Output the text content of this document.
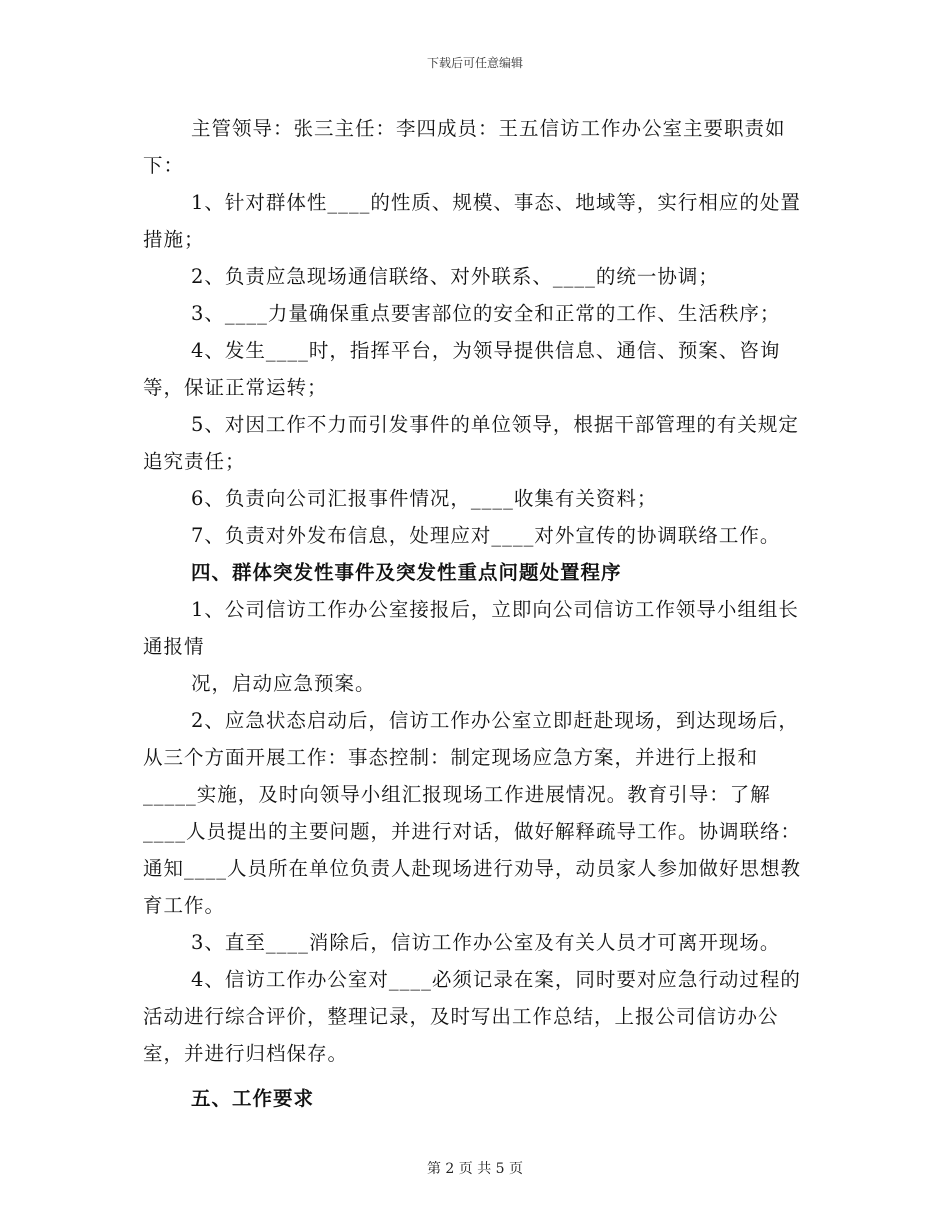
下载后可任意编辑

主管领导：张三主任：李四成员：王五信访工作办公室主要职责如下：

1、针对群体性____的性质、规模、事态、地域等，实行相应的处置措施；

2、负责应急现场通信联络、对外联系、____的统一协调；

3、____力量确保重点要害部位的安全和正常的工作、生活秩序；

4、发生____时，指挥平台，为领导提供信息、通信、预案、咨询等，保证正常运转；

5、对因工作不力而引发事件的单位领导，根据干部管理的有关规定追究责任；

6、负责向公司汇报事件情况，____收集有关资料；

7、负责对外发布信息，处理应对____对外宣传的协调联络工作。

四、群体突发性事件及突发性重点问题处置程序

1、公司信访工作办公室接报后，立即向公司信访工作领导小组组长通报情

况，启动应急预案。

2、应急状态启动后，信访工作办公室立即赶赴现场，到达现场后，从三个方面开展工作：事态控制：制定现场应急方案，并进行上报和_____实施，及时向领导小组汇报现场工作进展情况。教育引导：了解____人员提出的主要问题，并进行对话，做好解释疏导工作。协调联络：通知____人员所在单位负责人赴现场进行劝导，动员家人参加做好思想教育工作。

3、直至____消除后，信访工作办公室及有关人员才可离开现场。

4、信访工作办公室对____必须记录在案，同时要对应急行动过程的活动进行综合评价，整理记录，及时写出工作总结，上报公司信访办公室，并进行归档保存。

五、工作要求

第 2 页 共 5 页
